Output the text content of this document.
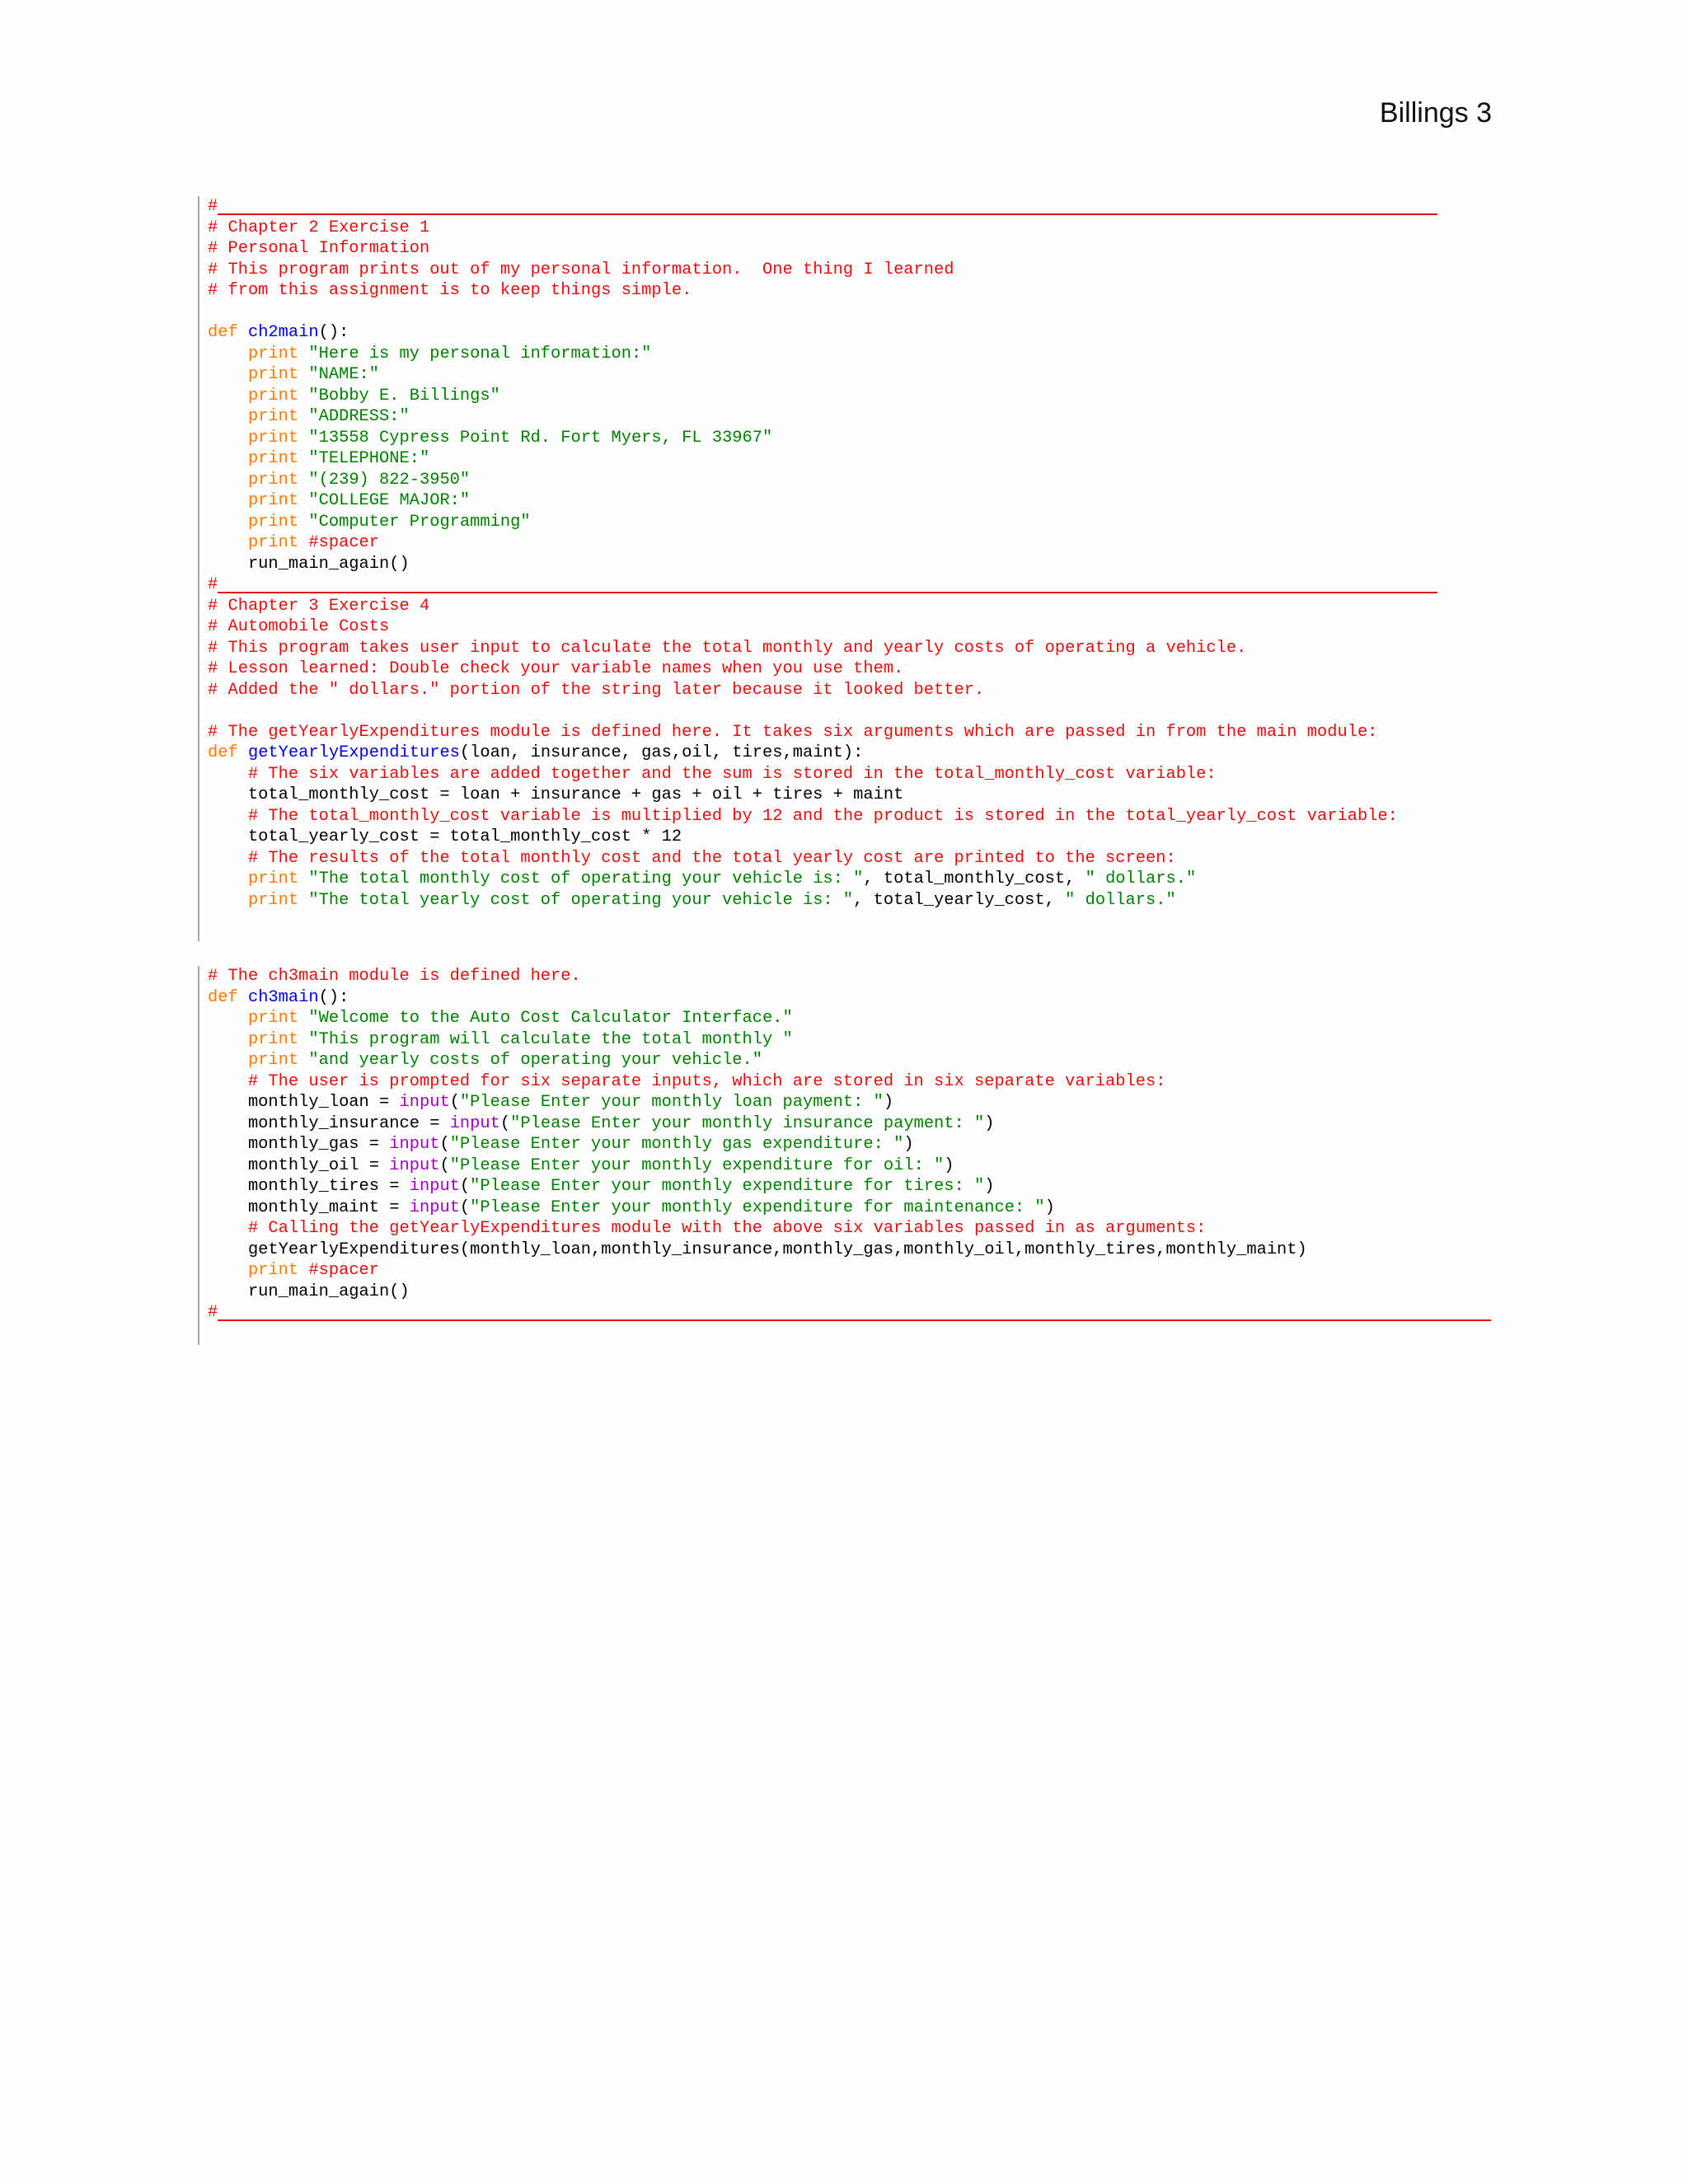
Billings 3
#
# Chapter 2 Exercise 1
# Personal Information
# This program prints out of my personal information.  One thing I learned
# from this assignment is to keep things simple.
def ch2main():
print "Here is my personal information:"
print "NAME:"
print "Bobby E. Billings"
print "ADDRESS:"
print "13558 Cypress Point Rd. Fort Myers, FL 33967"
print "TELEPHONE:"
print "(239) 822-3950"
print "COLLEGE MAJOR:"
print "Computer Programming"
print #spacer
run_main_again()
#
# Chapter 3 Exercise 4
# Automobile Costs
# This program takes user input to calculate the total monthly and yearly costs of operating a vehicle.
# Lesson learned: Double check your variable names when you use them.
# Added the " dollars." portion of the string later because it looked better.
# The getYearlyExpenditures module is defined here. It takes six arguments which are passed in from the main module:
def getYearlyExpenditures(loan, insurance, gas,oil, tires,maint):
# The six variables are added together and the sum is stored in the total_monthly_cost variable:
total_monthly_cost = loan + insurance + gas + oil + tires + maint
# The total_monthly_cost variable is multiplied by 12 and the product is stored in the total_yearly_cost variable:
total_yearly_cost = total_monthly_cost * 12
# The results of the total monthly cost and the total yearly cost are printed to the screen:
print "The total monthly cost of operating your vehicle is: ", total_monthly_cost, " dollars."
print "The total yearly cost of operating your vehicle is: ", total_yearly_cost, " dollars."
# The ch3main module is defined here.
def ch3main():
print "Welcome to the Auto Cost Calculator Interface."
print "This program will calculate the total monthly "
print "and yearly costs of operating your vehicle."
# The user is prompted for six separate inputs, which are stored in six separate variables:
monthly_loan = input("Please Enter your monthly loan payment: ")
monthly_insurance = input("Please Enter your monthly insurance payment: ")
monthly_gas = input("Please Enter your monthly gas expenditure: ")
monthly_oil = input("Please Enter your monthly expenditure for oil: ")
monthly_tires = input("Please Enter your monthly expenditure for tires: ")
monthly_maint = input("Please Enter your monthly expenditure for maintenance: ")
# Calling the getYearlyExpenditures module with the above six variables passed in as arguments:
getYearlyExpenditures(monthly_loan,monthly_insurance,monthly_gas,monthly_oil,monthly_tires,monthly_maint)
print #spacer
run_main_again()
#
